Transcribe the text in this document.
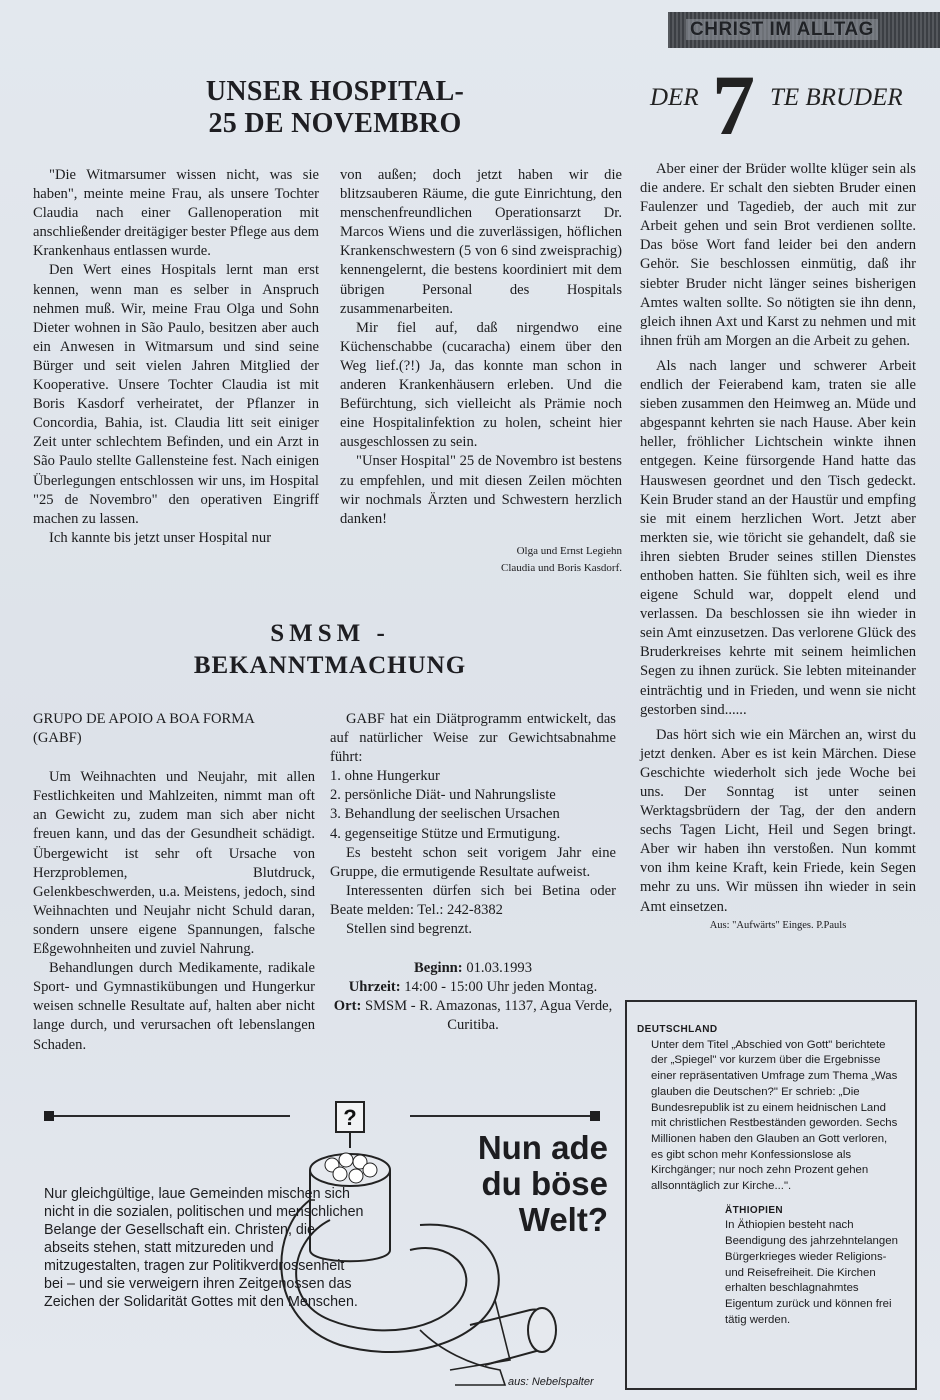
CHRIST IM ALLTAG
UNSER HOSPITAL-
25 DE NOVEMBRO

"Die Witmarsumer wissen nicht, was sie haben", meinte meine Frau, als unsere Tochter Claudia nach einer Gallenoperation mit anschließender dreitägiger bester Pflege aus dem Krankenhaus entlassen wurde.

Den Wert eines Hospitals lernt man erst kennen, wenn man es selber in Anspruch nehmen muß. Wir, meine Frau Olga und Sohn Dieter wohnen in São Paulo, besitzen aber auch ein Anwesen in Witmarsum und sind seine Bürger und seit vielen Jahren Mitglied der Kooperative. Unsere Tochter Claudia ist mit Boris Kasdorf verheiratet, der Pflanzer in Concordia, Bahia, ist. Claudia litt seit einiger Zeit unter schlechtem Befinden, und ein Arzt in São Paulo stellte Gallensteine fest. Nach einigen Überlegungen entschlossen wir uns, im Hospital "25 de Novembro" den operativen Eingriff machen zu lassen.

Ich kannte bis jetzt unser Hospital nur

von außen; doch jetzt haben wir die blitzsauberen Räume, die gute Einrichtung, den menschenfreundlichen Operationsarzt Dr. Marcos Wiens und die zuverlässigen, höflichen Krankenschwestern (5 von 6 sind zweisprachig) kennengelernt, die bestens koordiniert mit dem übrigen Personal des Hospitals zusammenarbeiten.

Mir fiel auf, daß nirgendwo eine Küchenschabbe (cucaracha) einem über den Weg lief.(?!) Ja, das konnte man schon in anderen Krankenhäusern erleben. Und die Befürchtung, sich vielleicht als Prämie noch eine Hospitalinfektion zu holen, scheint hier ausgeschlossen zu sein.

"Unser Hospital" 25 de Novembro ist bestens zu empfehlen, und mit diesen Zeilen möchten wir nochmals Ärzten und Schwestern herzlich danken!

Olga und Ernst Legiehn
Claudia und Boris Kasdorf.
SMSM -
BEKANNTMACHUNG

GRUPO DE APOIO A BOA FORMA
(GABF)

Um Weihnachten und Neujahr, mit allen Festlichkeiten und Mahlzeiten, nimmt man oft an Gewicht zu, zudem man sich aber nicht freuen kann, und das der Gesundheit schädigt. Übergewicht ist sehr oft Ursache von Herzproblemen, Blutdruck, Gelenkbeschwerden, u.a. Meistens, jedoch, sind Weihnachten und Neujahr nicht Schuld daran, sondern unsere eigene Spannungen, falsche Eßgewohnheiten und zuviel Nahrung.

Behandlungen durch Medikamente, radikale Sport- und Gymnastikübungen und Hungerkur weisen schnelle Resultate auf, halten aber nicht lange durch, und verursachen oft lebenslangen Schaden.

GABF hat ein Diätprogramm entwickelt, das auf natürlicher Weise zur Gewichtsabnahme führt:

1. ohne Hungerkur
2. persönliche Diät- und Nahrungsliste
3. Behandlung der seelischen Ursachen
4. gegenseitige Stütze und Ermutigung.

Es besteht schon seit vorigem Jahr eine Gruppe, die ermutigende Resultate aufweist.

Interessenten dürfen sich bei Betina oder Beate melden: Tel.: 242-8382

Stellen sind begrenzt.

Beginn: 01.03.1993
Uhrzeit: 14:00 - 15:00 Uhr jeden Montag.
Ort: SMSM - R. Amazonas, 1137, Agua Verde, Curitiba.
DER 7 TE BRUDER

Aber einer der Brüder wollte klüger sein als die andere. Er schalt den siebten Bruder einen Faulenzer und Tagedieb, der auch mit zur Arbeit gehen und sein Brot verdienen sollte. Das böse Wort fand leider bei den andern Gehör. Sie beschlossen einmütig, daß ihr siebter Bruder nicht länger seines bisherigen Amtes walten sollte. So nötigten sie ihn denn, gleich ihnen Axt und Karst zu nehmen und mit ihnen früh am Morgen an die Arbeit zu gehen.

Als nach langer und schwerer Arbeit endlich der Feierabend kam, traten sie alle sieben zusammen den Heimweg an. Müde und abgespannt kehrten sie nach Hause. Aber kein heller, fröhlicher Lichtschein winkte ihnen entgegen. Keine fürsorgende Hand hatte das Hauswesen geordnet und den Tisch gedeckt. Kein Bruder stand an der Haustür und empfing sie mit einem herzlichen Wort. Jetzt aber merkten sie, wie töricht sie gehandelt, daß sie ihren siebten Bruder seines stillen Dienstes enthoben hatten. Sie fühlten sich, weil es ihre eigene Schuld war, doppelt elend und verlassen. Da beschlossen sie ihn wieder in sein Amt einzusetzen. Das verlorene Glück des Bruderkreises kehrte mit seinem heimlichen Segen zu ihnen zurück. Sie lebten miteinander einträchtig und in Frieden, und wenn sie nicht gestorben sind......

Das hört sich wie ein Märchen an, wirst du jetzt denken. Aber es ist kein Märchen. Diese Geschichte wiederholt sich jede Woche bei uns. Der Sonntag ist unter seinen Werktagsbrüdern der Tag, der den andern sechs Tagen Licht, Heil und Segen bringt. Aber wir haben ihn verstoßen. Nun kommt von ihm keine Kraft, kein Friede, kein Segen mehr zu uns. Wir müssen ihn wieder in sein Amt einsetzen.

Aus: "Aufwärts" Einges. P.Pauls
?
Nun ade
du böse
Welt?
Nur gleichgültige, laue Gemeinden mischen sich nicht in die sozialen, politischen und menschlichen Belange der Gesellschaft ein. Christen, die abseits stehen, statt mitzureden und mitzugestalten, tragen zur Politikverdrossenheit bei – und sie verweigern ihren Zeitgenossen das Zeichen der Solidarität Gottes mit den Menschen.
aus: Nebelspalter
DEUTSCHLAND

Unter dem Titel „Abschied von Gott" berichtete der „Spiegel" vor kurzem über die Ergebnisse einer repräsentativen Umfrage zum Thema „Was glauben die Deutschen?" Er schrieb: „Die Bundesrepublik ist zu einem heidnischen Land mit christlichen Restbeständen geworden. Sechs Millionen haben den Glauben an Gott verloren, es gibt schon mehr Konfessionslose als Kirchgänger; nur noch zehn Prozent gehen allsonntäglich zur Kirche...".

ÄTHIOPIEN

In Äthiopien besteht nach Beendigung des jahrzehntelangen Bürgerkrieges wieder Religions- und Reisefreiheit. Die Kirchen erhalten beschlagnahmtes Eigentum zurück und können frei tätig werden.
